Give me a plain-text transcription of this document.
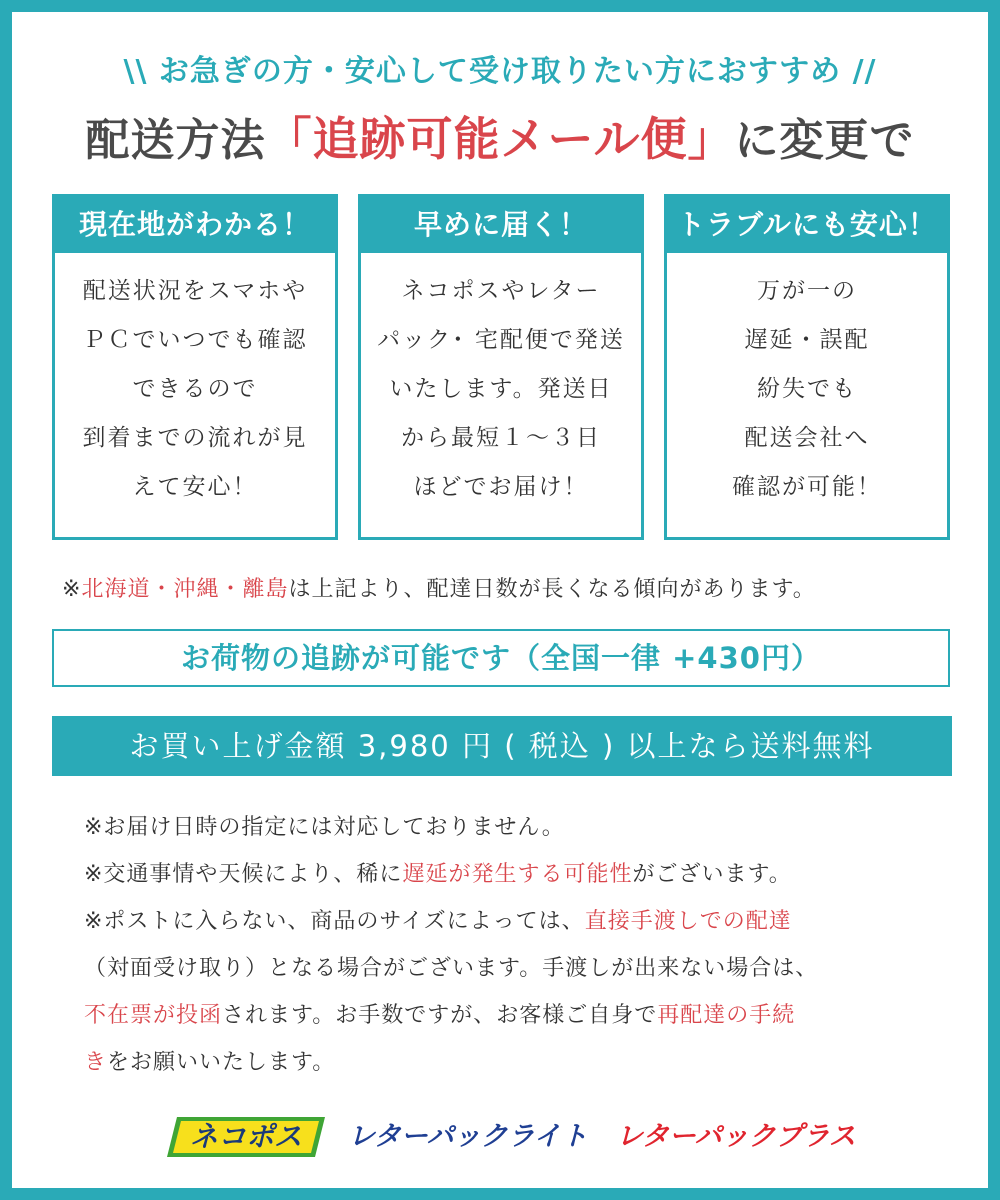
\\ お急ぎの方・安心して受け取りたい方におすすめ //
配送方法「追跡可能メール便」に変更で
現在地がわかる！
配送状況をスマホや
ＰＣでいつでも確認
できるので
到着までの流れが見
えて安心！
早めに届く！
ネコポスやレター
パック･ 宅配便で発送
いたします。発送日
から最短１～３日
ほどでお届け！
トラブルにも安心！
万が一の
遅延・誤配
紛失でも
配送会社へ
確認が可能！
※北海道・沖縄・離島は上記より、配達日数が長くなる傾向があります。
お荷物の追跡が可能です（全国一律 +430円）
お買い上げ金額 3,980 円 ( 税込 ) 以上なら送料無料
※お届け日時の指定には対応しておりません。
※交通事情や天候により、稀に遅延が発生する可能性がございます。
※ポストに入らない、商品のサイズによっては、直接手渡しでの配達
（対面受け取り）となる場合がございます。手渡しが出来ない場合は、
不在票が投函されます。お手数ですが、お客様ご自身で再配達の手続
きをお願いいたします。
ネコポス	レターパックライト レターパックプラス
